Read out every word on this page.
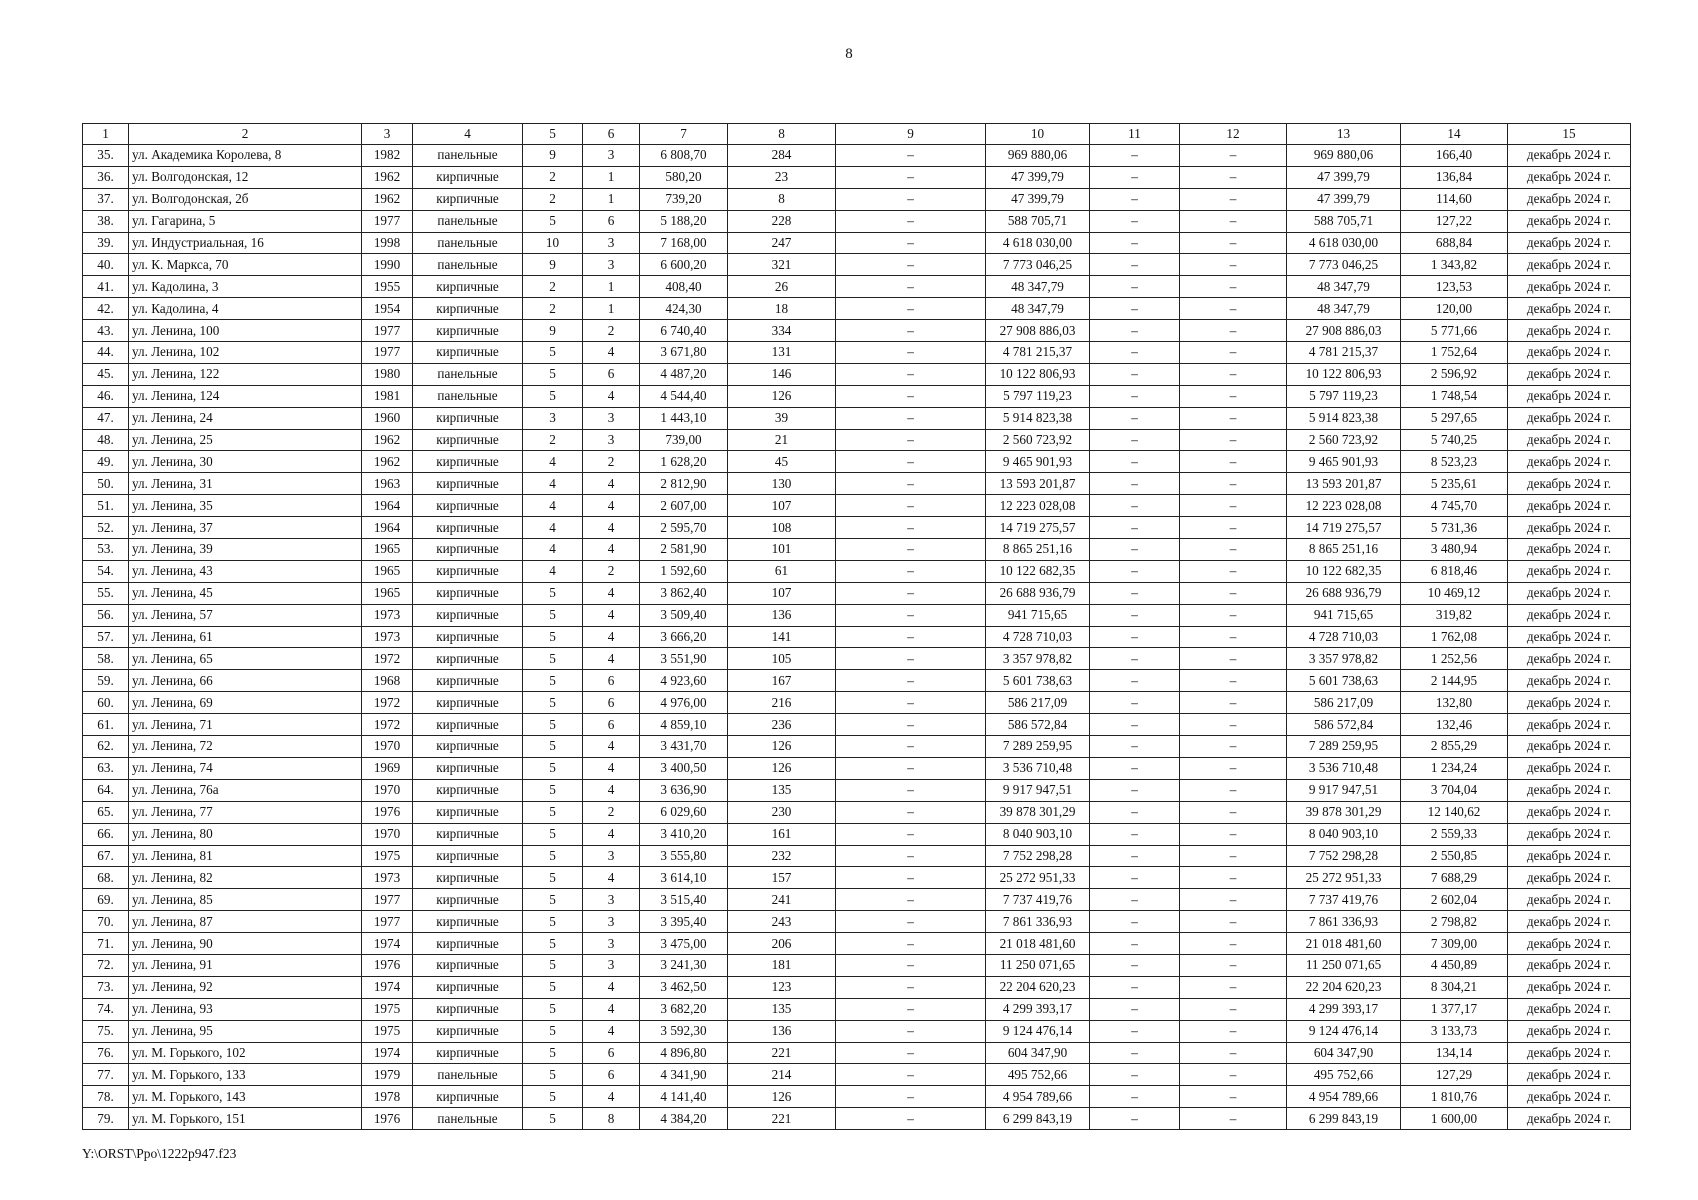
8
1	2	3	4	5	6	7	8	9	10	11	12	13	14	15
35.	ул. Академика Королева, 8	1982	панельные	9	3	6 808,70	284	–	969 880,06	–	–	969 880,06	166,40	декабрь 2024 г.
36.	ул. Волгодонская, 12	1962	кирпичные	2	1	580,20	23	–	47 399,79	–	–	47 399,79	136,84	декабрь 2024 г.
37.	ул. Волгодонская, 2б	1962	кирпичные	2	1	739,20	8	–	47 399,79	–	–	47 399,79	114,60	декабрь 2024 г.
38.	ул. Гагарина, 5	1977	панельные	5	6	5 188,20	228	–	588 705,71	–	–	588 705,71	127,22	декабрь 2024 г.
39.	ул. Индустриальная, 16	1998	панельные	10	3	7 168,00	247	–	4 618 030,00	–	–	4 618 030,00	688,84	декабрь 2024 г.
40.	ул. К. Маркса, 70	1990	панельные	9	3	6 600,20	321	–	7 773 046,25	–	–	7 773 046,25	1 343,82	декабрь 2024 г.
41.	ул. Кадолина, 3	1955	кирпичные	2	1	408,40	26	–	48 347,79	–	–	48 347,79	123,53	декабрь 2024 г.
42.	ул. Кадолина, 4	1954	кирпичные	2	1	424,30	18	–	48 347,79	–	–	48 347,79	120,00	декабрь 2024 г.
43.	ул. Ленина, 100	1977	кирпичные	9	2	6 740,40	334	–	27 908 886,03	–	–	27 908 886,03	5 771,66	декабрь 2024 г.
44.	ул. Ленина, 102	1977	кирпичные	5	4	3 671,80	131	–	4 781 215,37	–	–	4 781 215,37	1 752,64	декабрь 2024 г.
45.	ул. Ленина, 122	1980	панельные	5	6	4 487,20	146	–	10 122 806,93	–	–	10 122 806,93	2 596,92	декабрь 2024 г.
46.	ул. Ленина, 124	1981	панельные	5	4	4 544,40	126	–	5 797 119,23	–	–	5 797 119,23	1 748,54	декабрь 2024 г.
47.	ул. Ленина, 24	1960	кирпичные	3	3	1 443,10	39	–	5 914 823,38	–	–	5 914 823,38	5 297,65	декабрь 2024 г.
48.	ул. Ленина, 25	1962	кирпичные	2	3	739,00	21	–	2 560 723,92	–	–	2 560 723,92	5 740,25	декабрь 2024 г.
49.	ул. Ленина, 30	1962	кирпичные	4	2	1 628,20	45	–	9 465 901,93	–	–	9 465 901,93	8 523,23	декабрь 2024 г.
50.	ул. Ленина, 31	1963	кирпичные	4	4	2 812,90	130	–	13 593 201,87	–	–	13 593 201,87	5 235,61	декабрь 2024 г.
51.	ул. Ленина, 35	1964	кирпичные	4	4	2 607,00	107	–	12 223 028,08	–	–	12 223 028,08	4 745,70	декабрь 2024 г.
52.	ул. Ленина, 37	1964	кирпичные	4	4	2 595,70	108	–	14 719 275,57	–	–	14 719 275,57	5 731,36	декабрь 2024 г.
53.	ул. Ленина, 39	1965	кирпичные	4	4	2 581,90	101	–	8 865 251,16	–	–	8 865 251,16	3 480,94	декабрь 2024 г.
54.	ул. Ленина, 43	1965	кирпичные	4	2	1 592,60	61	–	10 122 682,35	–	–	10 122 682,35	6 818,46	декабрь 2024 г.
55.	ул. Ленина, 45	1965	кирпичные	5	4	3 862,40	107	–	26 688 936,79	–	–	26 688 936,79	10 469,12	декабрь 2024 г.
56.	ул. Ленина, 57	1973	кирпичные	5	4	3 509,40	136	–	941 715,65	–	–	941 715,65	319,82	декабрь 2024 г.
57.	ул. Ленина, 61	1973	кирпичные	5	4	3 666,20	141	–	4 728 710,03	–	–	4 728 710,03	1 762,08	декабрь 2024 г.
58.	ул. Ленина, 65	1972	кирпичные	5	4	3 551,90	105	–	3 357 978,82	–	–	3 357 978,82	1 252,56	декабрь 2024 г.
59.	ул. Ленина, 66	1968	кирпичные	5	6	4 923,60	167	–	5 601 738,63	–	–	5 601 738,63	2 144,95	декабрь 2024 г.
60.	ул. Ленина, 69	1972	кирпичные	5	6	4 976,00	216	–	586 217,09	–	–	586 217,09	132,80	декабрь 2024 г.
61.	ул. Ленина, 71	1972	кирпичные	5	6	4 859,10	236	–	586 572,84	–	–	586 572,84	132,46	декабрь 2024 г.
62.	ул. Ленина, 72	1970	кирпичные	5	4	3 431,70	126	–	7 289 259,95	–	–	7 289 259,95	2 855,29	декабрь 2024 г.
63.	ул. Ленина, 74	1969	кирпичные	5	4	3 400,50	126	–	3 536 710,48	–	–	3 536 710,48	1 234,24	декабрь 2024 г.
64.	ул. Ленина, 76а	1970	кирпичные	5	4	3 636,90	135	–	9 917 947,51	–	–	9 917 947,51	3 704,04	декабрь 2024 г.
65.	ул. Ленина, 77	1976	кирпичные	5	2	6 029,60	230	–	39 878 301,29	–	–	39 878 301,29	12 140,62	декабрь 2024 г.
66.	ул. Ленина, 80	1970	кирпичные	5	4	3 410,20	161	–	8 040 903,10	–	–	8 040 903,10	2 559,33	декабрь 2024 г.
67.	ул. Ленина, 81	1975	кирпичные	5	3	3 555,80	232	–	7 752 298,28	–	–	7 752 298,28	2 550,85	декабрь 2024 г.
68.	ул. Ленина, 82	1973	кирпичные	5	4	3 614,10	157	–	25 272 951,33	–	–	25 272 951,33	7 688,29	декабрь 2024 г.
69.	ул. Ленина, 85	1977	кирпичные	5	3	3 515,40	241	–	7 737 419,76	–	–	7 737 419,76	2 602,04	декабрь 2024 г.
70.	ул. Ленина, 87	1977	кирпичные	5	3	3 395,40	243	–	7 861 336,93	–	–	7 861 336,93	2 798,82	декабрь 2024 г.
71.	ул. Ленина, 90	1974	кирпичные	5	3	3 475,00	206	–	21 018 481,60	–	–	21 018 481,60	7 309,00	декабрь 2024 г.
72.	ул. Ленина, 91	1976	кирпичные	5	3	3 241,30	181	–	11 250 071,65	–	–	11 250 071,65	4 450,89	декабрь 2024 г.
73.	ул. Ленина, 92	1974	кирпичные	5	4	3 462,50	123	–	22 204 620,23	–	–	22 204 620,23	8 304,21	декабрь 2024 г.
74.	ул. Ленина, 93	1975	кирпичные	5	4	3 682,20	135	–	4 299 393,17	–	–	4 299 393,17	1 377,17	декабрь 2024 г.
75.	ул. Ленина, 95	1975	кирпичные	5	4	3 592,30	136	–	9 124 476,14	–	–	9 124 476,14	3 133,73	декабрь 2024 г.
76.	ул. М. Горького, 102	1974	кирпичные	5	6	4 896,80	221	–	604 347,90	–	–	604 347,90	134,14	декабрь 2024 г.
77.	ул. М. Горького, 133	1979	панельные	5	6	4 341,90	214	–	495 752,66	–	–	495 752,66	127,29	декабрь 2024 г.
78.	ул. М. Горького, 143	1978	кирпичные	5	4	4 141,40	126	–	4 954 789,66	–	–	4 954 789,66	1 810,76	декабрь 2024 г.
79.	ул. М. Горького, 151	1976	панельные	5	8	4 384,20	221	–	6 299 843,19	–	–	6 299 843,19	1 600,00	декабрь 2024 г.
Y:\ORST\Ppo\1222p947.f23
